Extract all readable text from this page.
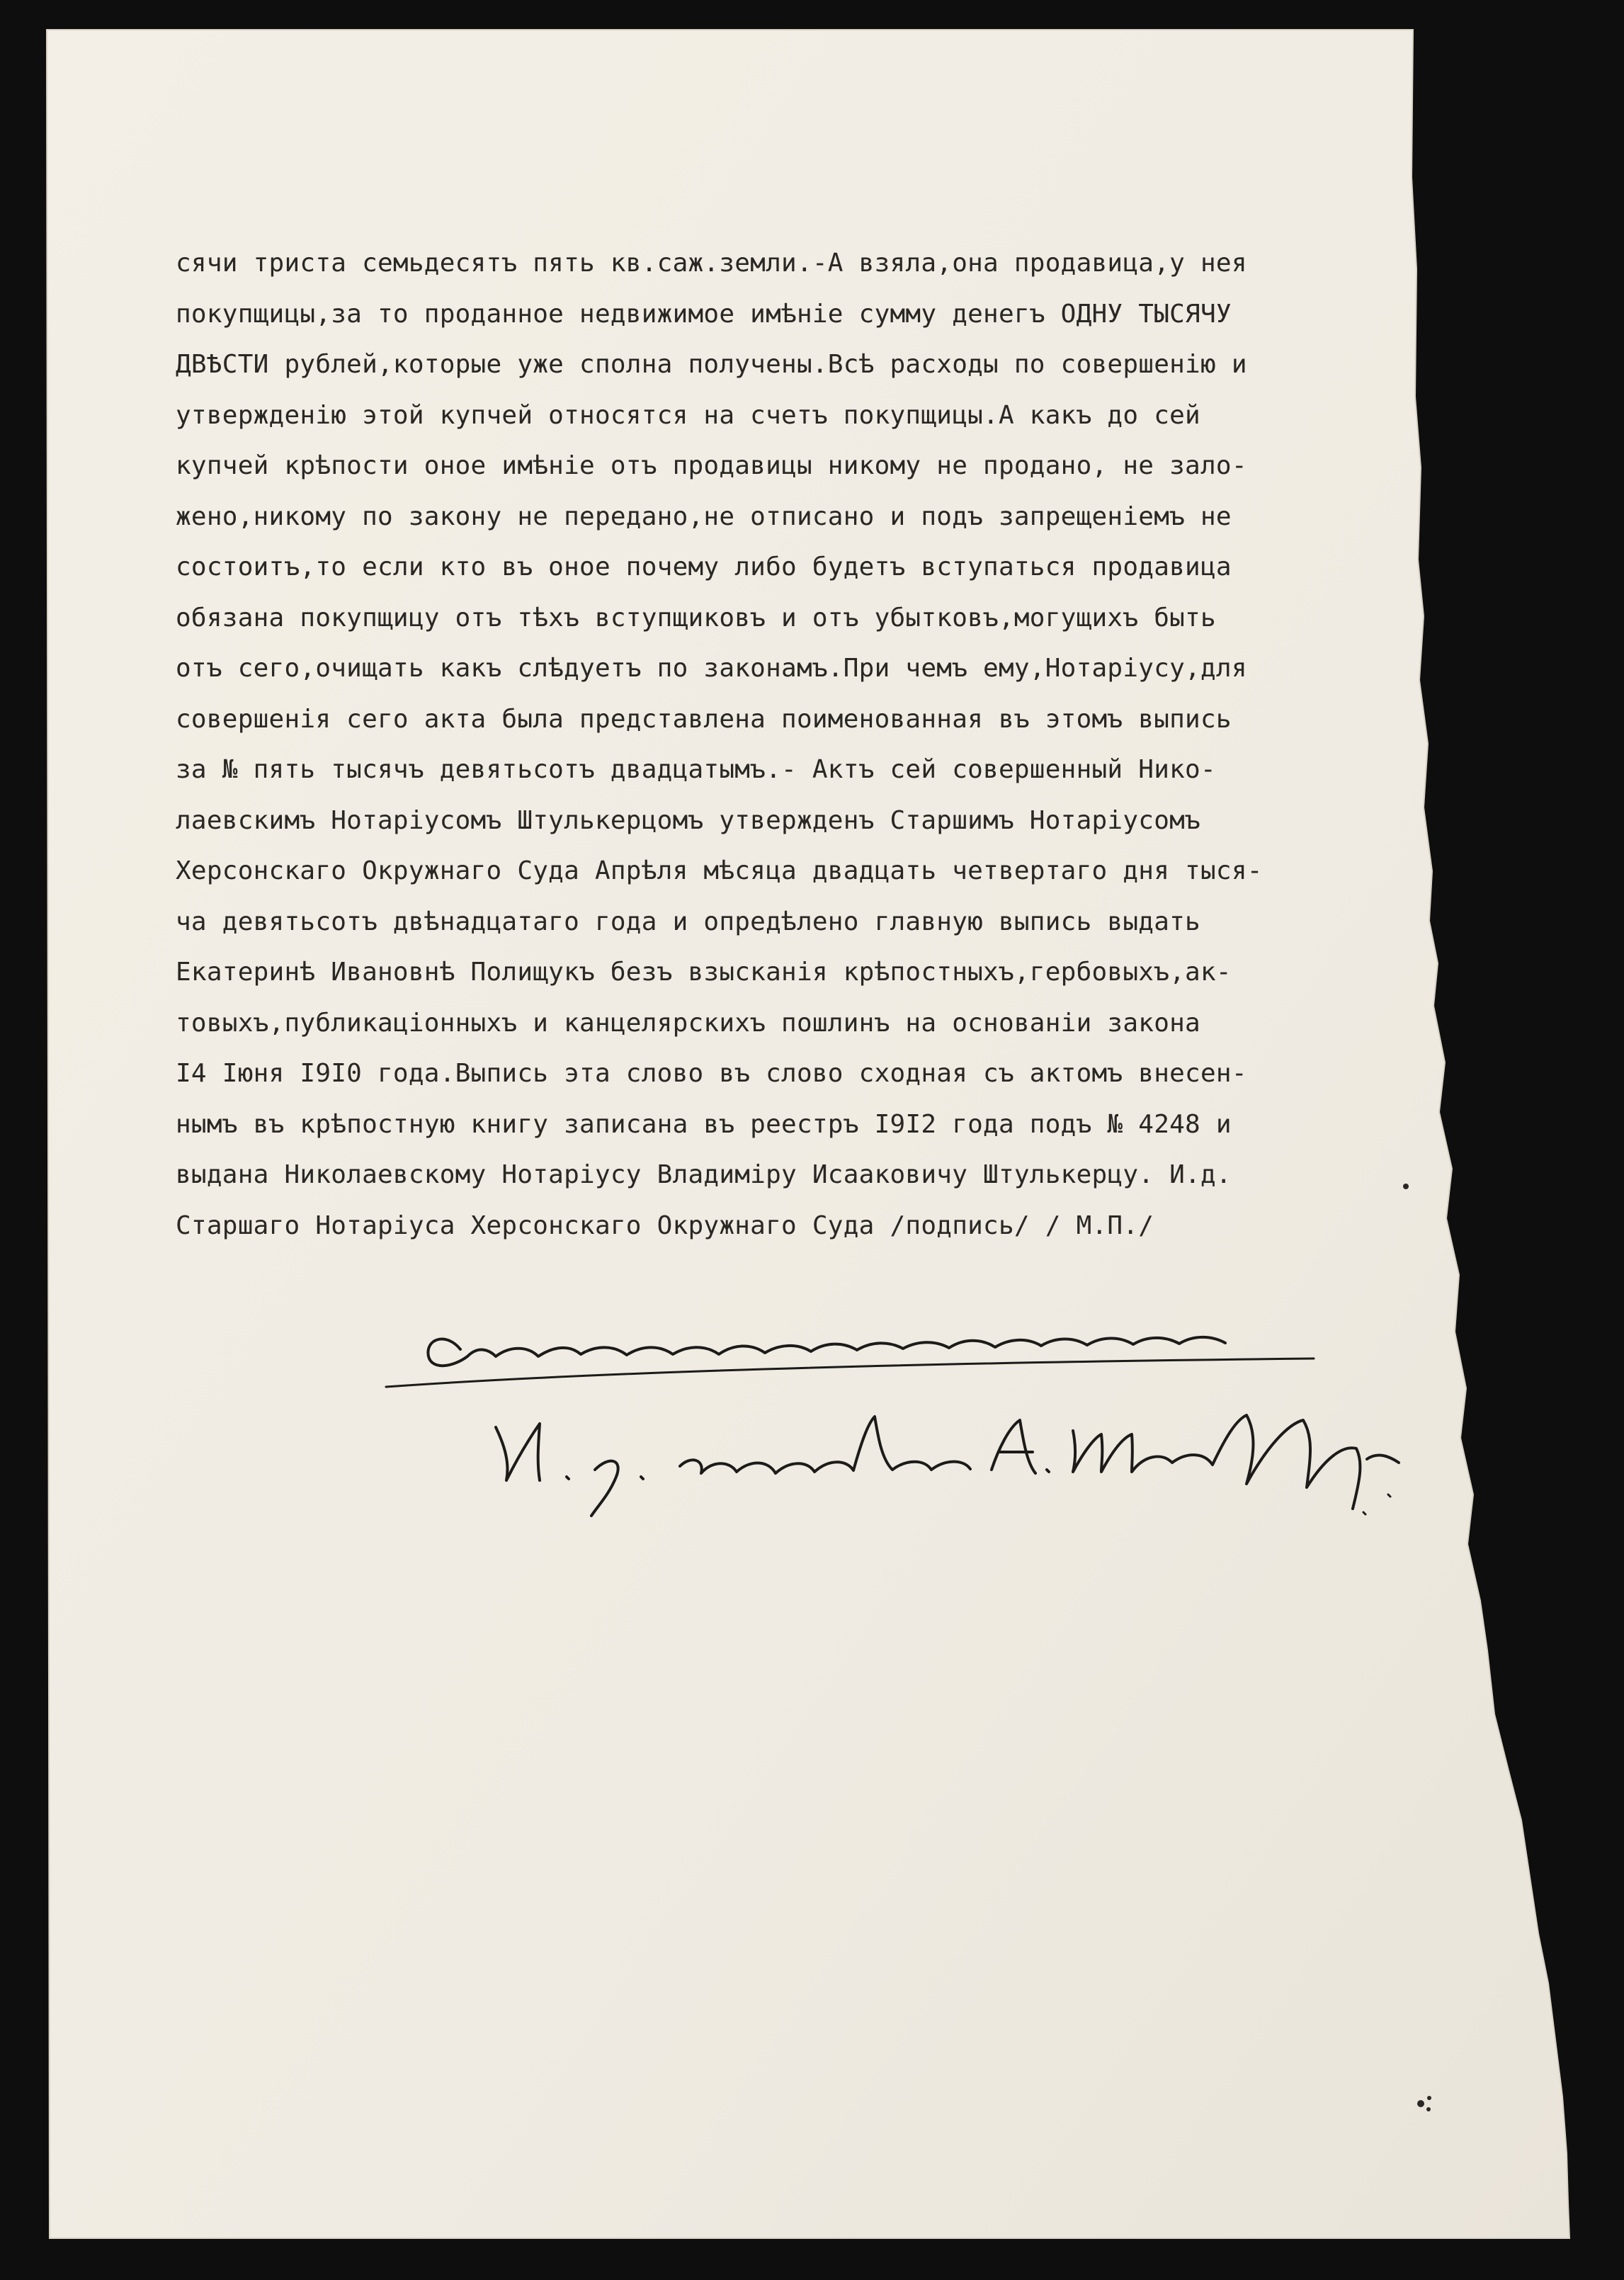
сячи триста семьдесятъ пять кв.саж.земли.-А взяла,она продавица,у нея
покупщицы,за то проданное недвижимое имѣніе сумму денегъ ОДНУ ТЫСЯЧУ
ДВѢСТИ рублей,которые уже сполна получены.Всѣ расходы по совершенію и
утвержденію этой купчей относятся на счетъ покупщицы.А какъ до сей
купчей крѣпости оное имѣніе отъ продавицы никому не продано, не зало-
жено,никому по закону не передано,не отписано и подъ запрещеніемъ не
состоитъ,то если кто въ оное почему либо будетъ вступаться продавица
обязана покупщицу отъ тѣхъ вступщиковъ и отъ убытковъ,могущихъ быть
отъ сего,очищать какъ слѣдуетъ по законамъ.При чемъ ему,Нотаріусу,для
совершенія сего акта была представлена поименованная въ этомъ выпись
за № пять тысячъ девятьсотъ двадцатымъ.- Актъ сей совершенный Нико-
лаевскимъ Нотаріусомъ Штулькерцомъ утвержденъ Старшимъ Нотаріусомъ
Херсонскаго Окружнаго Суда Апрѣля мѣсяца двадцать четвертаго дня тыся-
ча девятьсотъ двѣнадцатаго года и опредѣлено главную выпись выдать
Екатеринѣ Ивановнѣ Полищукъ безъ взысканія крѣпостныхъ,гербовыхъ,ак-
товыхъ,публикаціонныхъ и канцелярскихъ пошлинъ на основаніи закона
I4 Іюня I9I0 года.Выпись эта слово въ слово сходная съ актомъ внесен-
нымъ въ крѣпостную книгу записана въ реестръ I9I2 года подъ № 4248 и
выдана Николаевскому Нотаріусу Владиміру Исааковичу Штулькерцу. И.д.
Старшаго Нотаріуса Херсонскаго Окружнаго Суда /подпись/ / М.П./
